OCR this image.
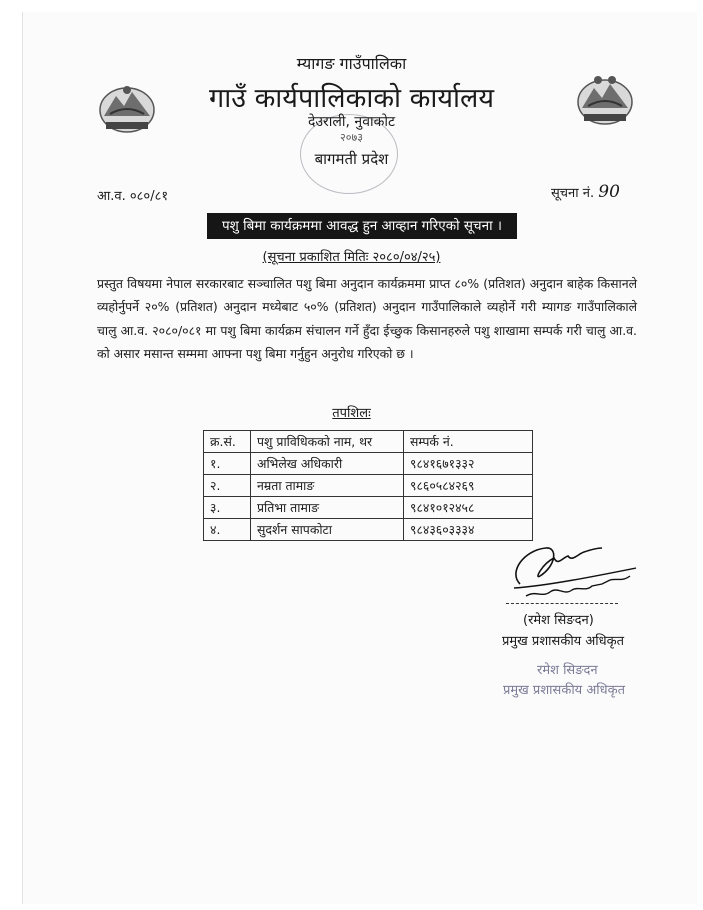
म्यागङ गाउँपालिका
गाउँ कार्यपालिकाको कार्यालय
देउराली, नुवाकोट
२०७३
बागमती प्रदेश
आ.व. ०८०/८१	सूचना नं. 90
पशु बिमा कार्यक्रममा आवद्ध हुन आव्हान गरिएको सूचना ।
(सूचना प्रकाशित मितिः २०८०/०४/२५)
प्रस्तुत विषयमा नेपाल सरकारबाट सञ्चालित पशु बिमा अनुदान कार्यक्रममा प्राप्त ८०% (प्रतिशत) अनुदान बाहेक किसानले व्यहोर्नुपर्ने २०% (प्रतिशत) अनुदान मध्येबाट ५०% (प्रतिशत) अनुदान गाउँपालिकाले व्यहोर्ने गरी म्यागङ गाउँपालिकाले चालु आ.व. २०८०/०८१ मा पशु बिमा कार्यक्रम संचालन गर्ने हुँदा ईच्छुक किसानहरुले पशु शाखामा सम्पर्क गरी चालु आ.व. को असार मसान्त सम्ममा आफ्ना पशु बिमा गर्नुहुन अनुरोध गरिएको छ ।
तपशिलः
क्र.सं.	पशु प्राविधिकको नाम, थर	सम्पर्क नं.
१.	अभिलेख अधिकारी	९८४१६७१३३२
२.	नम्रता तामाङ	९८६०५८४२६९
३.	प्रतिभा तामाङ	९८४१०१२४५८
४.	सुदर्शन सापकोटा	९८४३६०३३३४
(रमेश सिङदन)
प्रमुख प्रशासकीय अधिकृत
रमेश सिङदन
प्रमुख प्रशासकीय अधिकृत
